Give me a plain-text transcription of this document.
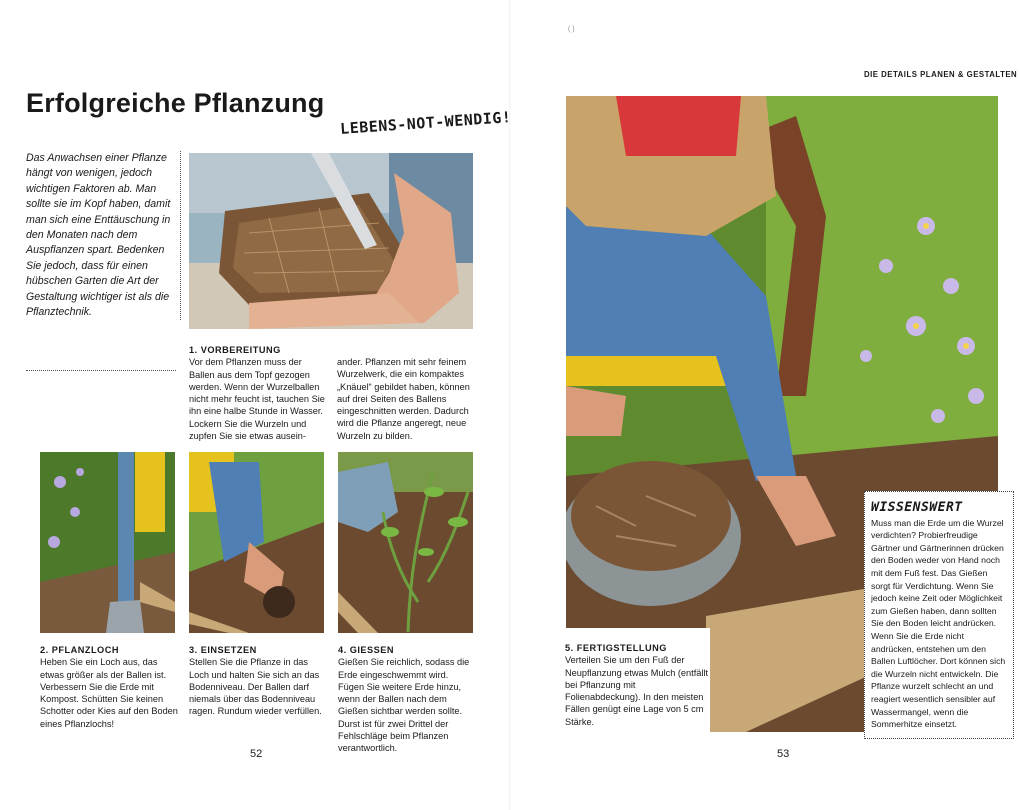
( )
Erfolgreiche Pflanzung
LEBENS-NOT-WENDIG!
Das Anwachsen einer Pflanze hängt von wenigen, jedoch wichtigen Faktoren ab. Man sollte sie im Kopf haben, damit man sich eine Enttäuschung in den Monaten nach dem Auspflanzen spart. Bedenken Sie jedoch, dass für einen hübschen Garten die Art der Gestaltung wichtiger ist als die Pflanztechnik.
1. VORBEREITUNG
Vor dem Pflanzen muss der Ballen aus dem Topf gezogen werden. Wenn der Wurzelballen nicht mehr feucht ist, tauchen Sie ihn eine halbe Stunde in Wasser. Lockern Sie die Wurzeln und zupfen Sie sie etwas ausein-
ander. Pflanzen mit sehr feinem Wurzelwerk, die ein kompaktes „Knäuel“ gebildet haben, können auf drei Seiten des Ballens eingeschnitten werden. Dadurch wird die Pflanze angeregt, neue Wurzeln zu bilden.
2. PFLANZLOCH
Heben Sie ein Loch aus, das etwas größer als der Ballen ist. Verbessern Sie die Erde mit Kompost. Schütten Sie keinen Schotter oder Kies auf den Boden eines Pflanzlochs!
3. EINSETZEN
Stellen Sie die Pflanze in das Loch und halten Sie sich an das Bodenniveau. Der Ballen darf niemals über das Bodenniveau ragen. Rundum wieder verfüllen.
4. GIESSEN
Gießen Sie reichlich, sodass die Erde eingeschwemmt wird. Fügen Sie weitere Erde hinzu, wenn der Ballen nach dem Gießen sichtbar werden sollte. Durst ist für zwei Drittel der Fehlschläge beim Pflanzen verantwortlich.
52
DIE DETAILS PLANEN & GESTALTEN
5. FERTIGSTELLUNG
Verteilen Sie um den Fuß der Neupflanzung etwas Mulch (entfällt bei Pflanzung mit Folienabdeckung). In den meisten Fällen genügt eine Lage von 5 cm Stärke.
WISSENSWERT
Muss man die Erde um die Wurzel verdichten? Probierfreudige Gärtner und Gärtnerinnen drücken den Boden weder von Hand noch mit dem Fuß fest. Das Gießen sorgt für Verdichtung. Wenn Sie jedoch keine Zeit oder Möglichkeit zum Gießen haben, dann sollten Sie den Boden leicht andrücken. Wenn Sie die Erde nicht andrücken, entstehen um den Ballen Luftlöcher. Dort können sich die Wurzeln nicht entwickeln. Die Pflanze wurzelt schlecht an und reagiert wesentlich sensibler auf Wassermangel, wenn die Sommerhitze einsetzt.
53
